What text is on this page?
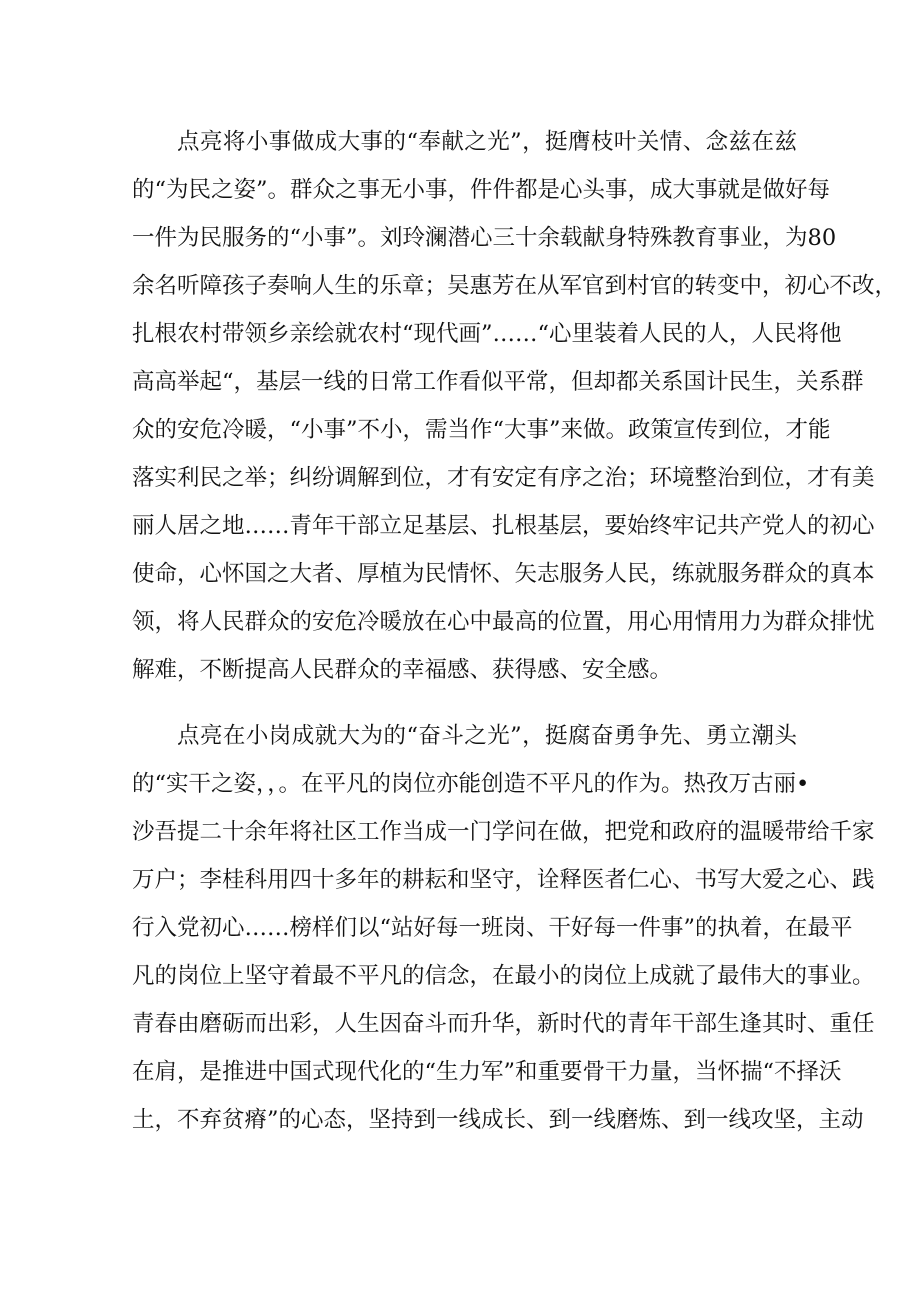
点亮将小事做成大事的“奉献之光”，挺膺枝叶关情、念兹在兹
的“为民之姿”。群众之事无小事，件件都是心头事，成大事就是做好每
一件为民服务的“小事”。刘玲澜潜心三十余载献身特殊教育事业，为80
余名听障孩子奏响人生的乐章；吴惠芳在从军官到村官的转变中，初心不改，
扎根农村带领乡亲绘就农村“现代画”……“心里装着人民的人，人民将他
高高举起“，基层一线的日常工作看似平常，但却都关系国计民生，关系群
众的安危冷暖，“小事”不小，需当作“大事”来做。政策宣传到位，才能
落实利民之举；纠纷调解到位，才有安定有序之治；环境整治到位，才有美
丽人居之地……青年干部立足基层、扎根基层，要始终牢记共产党人的初心
使命，心怀国之大者、厚植为民情怀、矢志服务人民，练就服务群众的真本
领，将人民群众的安危冷暖放在心中最高的位置，用心用情用力为群众排忧
解难，不断提高人民群众的幸福感、获得感、安全感。
点亮在小岗成就大为的“奋斗之光”，挺腐奋勇争先、勇立潮头
的“实干之姿，，。在平凡的岗位亦能创造不平凡的作为。热孜万古丽•
沙吾提二十余年将社区工作当成一门学问在做，把党和政府的温暖带给千家
万户；李桂科用四十多年的耕耘和坚守，诠释医者仁心、书写大爱之心、践
行入党初心……榜样们以“站好每一班岗、干好每一件事”的执着，在最平
凡的岗位上坚守着最不平凡的信念，在最小的岗位上成就了最伟大的事业。
青春由磨砺而出彩，人生因奋斗而升华，新时代的青年干部生逢其时、重任
在肩，是推进中国式现代化的“生力军”和重要骨干力量，当怀揣“不择沃
土，不弃贫瘠”的心态，坚持到一线成长、到一线磨炼、到一线攻坚，主动
